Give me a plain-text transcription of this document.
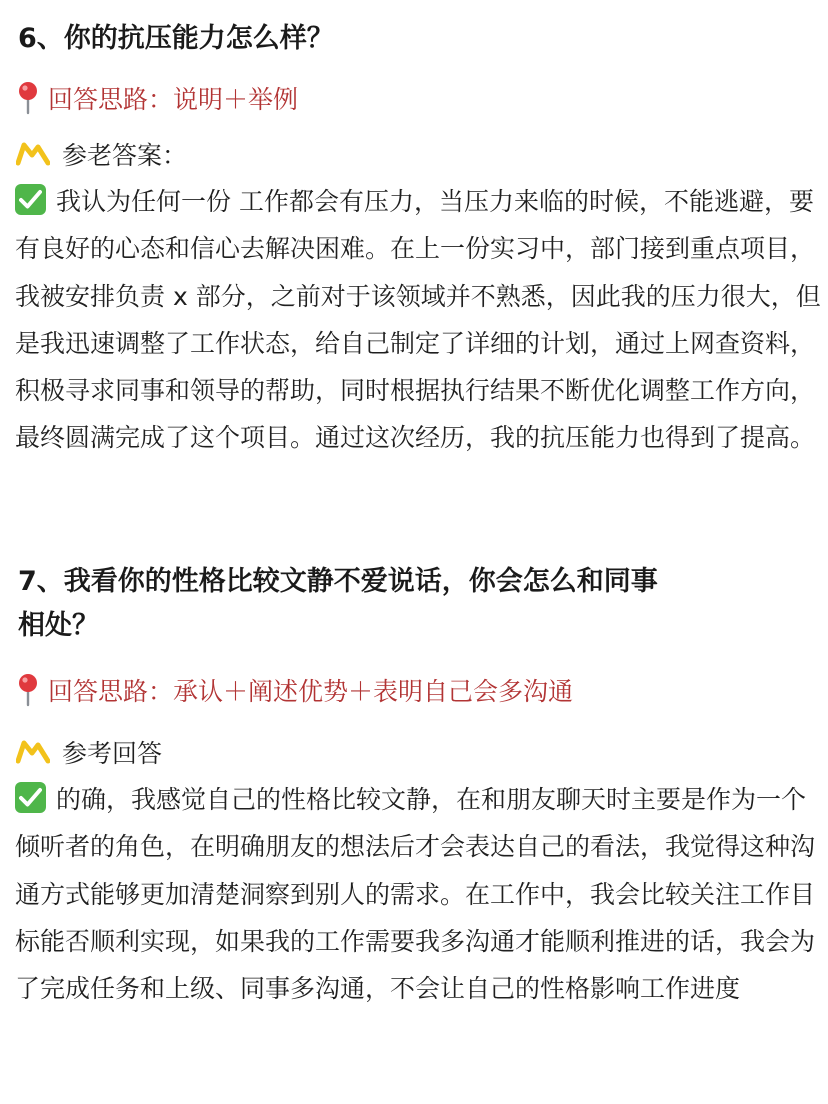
6、你的抗压能力怎么样？
回答思路：说明＋举例
参老答案：

我认为任何一份 工作都会有压力，当压力来临的时候，不能逃避，要有良好的心态和信心去解决困难。在上一份实习中，部门接到重点项目，我被安排负责 x 部分，之前对于该领域并不熟悉，因此我的压力很大，但是我迅速调整了工作状态，给自己制定了详细的计划，通过上网查资料，积极寻求同事和领导的帮助，同时根据执行结果不断优化调整工作方向，最终圆满完成了这个项目。通过这次经历，我的抗压能力也得到了提高。

7、我看你的性格比较文静不爱说话，你会怎么和同事
相处？
回答思路：承认＋阐述优势＋表明自己会多沟通
参考回答

的确，我感觉自己的性格比较文静，在和朋友聊天时主要是作为一个倾听者的角色，在明确朋友的想法后才会表达自己的看法，我觉得这种沟通方式能够更加清楚洞察到别人的需求。在工作中，我会比较关注工作目标能否顺利实现，如果我的工作需要我多沟通才能顺利推进的话，我会为了完成任务和上级、同事多沟通，不会让自己的性格影响工作进度
